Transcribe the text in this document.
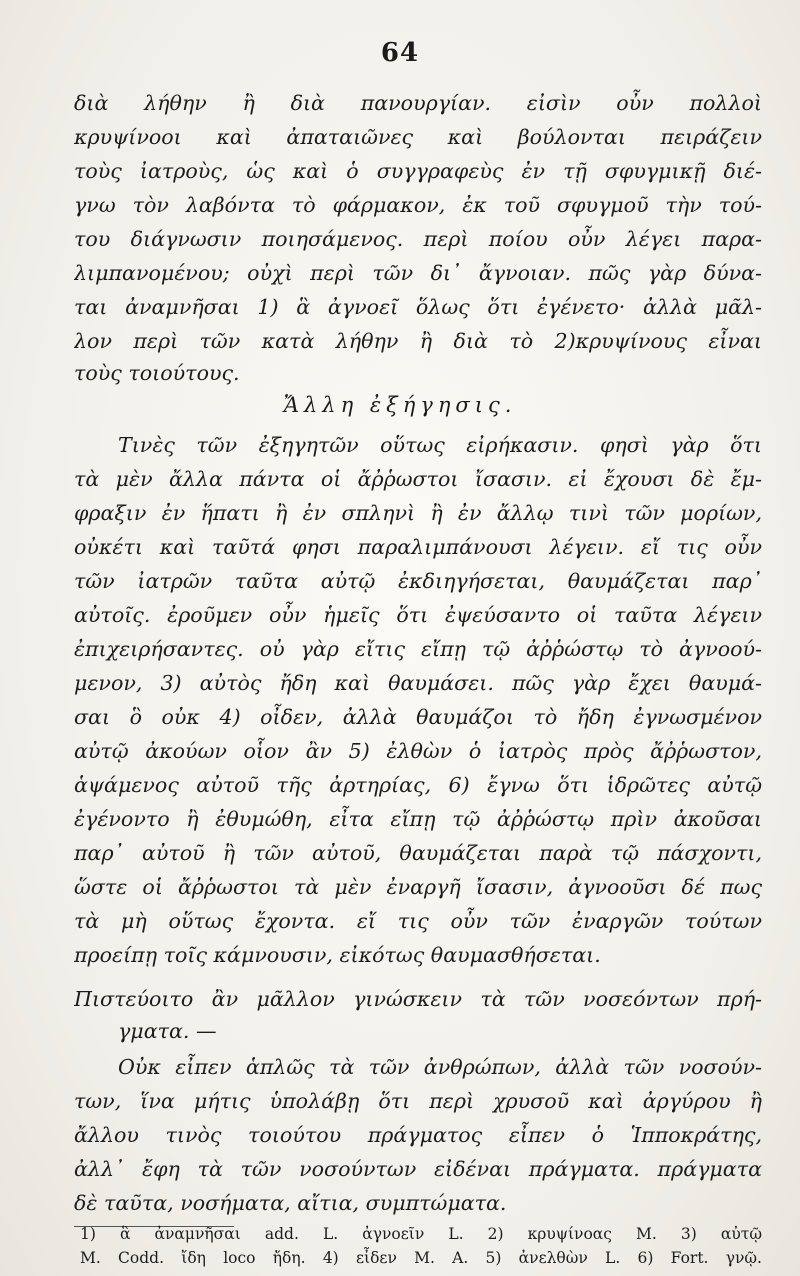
64
διὰ λήθην ἢ διὰ πανουργίαν. εἰσὶν οὖν πολλοὶ
κρυψίνοοι καὶ ἀπαταιῶνες καὶ βούλονται πειράζειν
τοὺς ἰατροὺς, ὡς καὶ ὁ συγγραφεὺς ἐν τῇ σφυγμικῇ διέ-
γνω τὸν λαβόντα τὸ φάρμακον, ἐκ τοῦ σφυγμοῦ τὴν τού-
του διάγνωσιν ποιησάμενος. περὶ ποίου οὖν λέγει παρα-
λιμπανομένου; οὐχὶ περὶ τῶν δι᾽ ἄγνοιαν. πῶς γὰρ δύνα-
ται ἀναμνῆσαι 1) ἃ ἀγνοεῖ ὅλως ὅτι ἐγένετο· ἀλλὰ μᾶλ-
λον περὶ τῶν κατὰ λήθην ἢ διὰ τὸ 2)κρυψίνους εἶναι
τοὺς τοιούτους.
Ἄλλη ἐξήγησις.
Τινὲς τῶν ἐξηγητῶν οὕτως εἰρήκασιν. φησὶ γὰρ ὅτι
τὰ μὲν ἄλλα πάντα οἱ ἄῤῥωστοι ἴσασιν. εἰ ἔχουσι δὲ ἔμ-
φραξιν ἐν ἥπατι ἢ ἐν σπληνὶ ἢ ἐν ἄλλῳ τινὶ τῶν μορίων,
οὐκέτι καὶ ταῦτά φησι παραλιμπάνουσι λέγειν. εἴ τις οὖν
τῶν ἰατρῶν ταῦτα αὐτῷ ἐκδιηγήσεται, θαυμάζεται παρ᾽
αὐτοῖς. ἐροῦμεν οὖν ἡμεῖς ὅτι ἐψεύσαντο οἱ ταῦτα λέγειν
ἐπιχειρήσαντες. οὐ γὰρ εἴτις εἴπῃ τῷ ἀῤῥώστῳ τὸ ἀγνοού-
μενον, 3) αὐτὸς ἤδη καὶ θαυμάσει. πῶς γὰρ ἔχει θαυμά-
σαι ὃ οὐκ 4) οἶδεν, ἀλλὰ θαυμάζοι τὸ ἤδη ἐγνωσμένον
αὐτῷ ἀκούων οἷον ἂν 5) ἐλθὼν ὁ ἰατρὸς πρὸς ἄῤῥωστον,
ἁψάμενος αὐτοῦ τῆς ἀρτηρίας, 6) ἔγνω ὅτι ἱδρῶτες αὐτῷ
ἐγένοντο ἢ ἐθυμώθη, εἶτα εἴπῃ τῷ ἀῤῥώστῳ πρὶν ἀκοῦσαι
παρ᾽ αὐτοῦ ἢ τῶν αὐτοῦ, θαυμάζεται παρὰ τῷ πάσχοντι,
ὥστε οἱ ἄῤῥωστοι τὰ μὲν ἐναργῆ ἴσασιν, ἀγνοοῦσι δέ πως
τὰ μὴ οὕτως ἔχοντα. εἴ τις οὖν τῶν ἐναργῶν τούτων
προείπῃ τοῖς κάμνουσιν, εἰκότως θαυμασθήσεται.
Πιστεύοιτο ἂν μᾶλλον γινώσκειν τὰ τῶν νοσεόντων πρή-
γματα. —
Οὐκ εἶπεν ἁπλῶς τὰ τῶν ἀνθρώπων, ἀλλὰ τῶν νοσούν-
των, ἵνα μήτις ὑπολάβῃ ὅτι περὶ χρυσοῦ καὶ ἀργύρου ἢ
ἄλλου τινὸς τοιούτου πράγματος εἶπεν ὁ Ἱπποκράτης,
ἀλλ᾽ ἔφη τὰ τῶν νοσούντων εἰδέναι πράγματα. πράγματα
δὲ ταῦτα, νοσήματα, αἴτια, συμπτώματα.
1) ἃ ἀναμνῆσαι add. L. ἀγνοεῖν L. 2) κρυψίνοας M. 3) αὐτῷ
M. Codd. ἴδη loco ἤδη. 4) εἶδεν M. A. 5) ἀνελθὼν L. 6) Fort. γνῷ.
